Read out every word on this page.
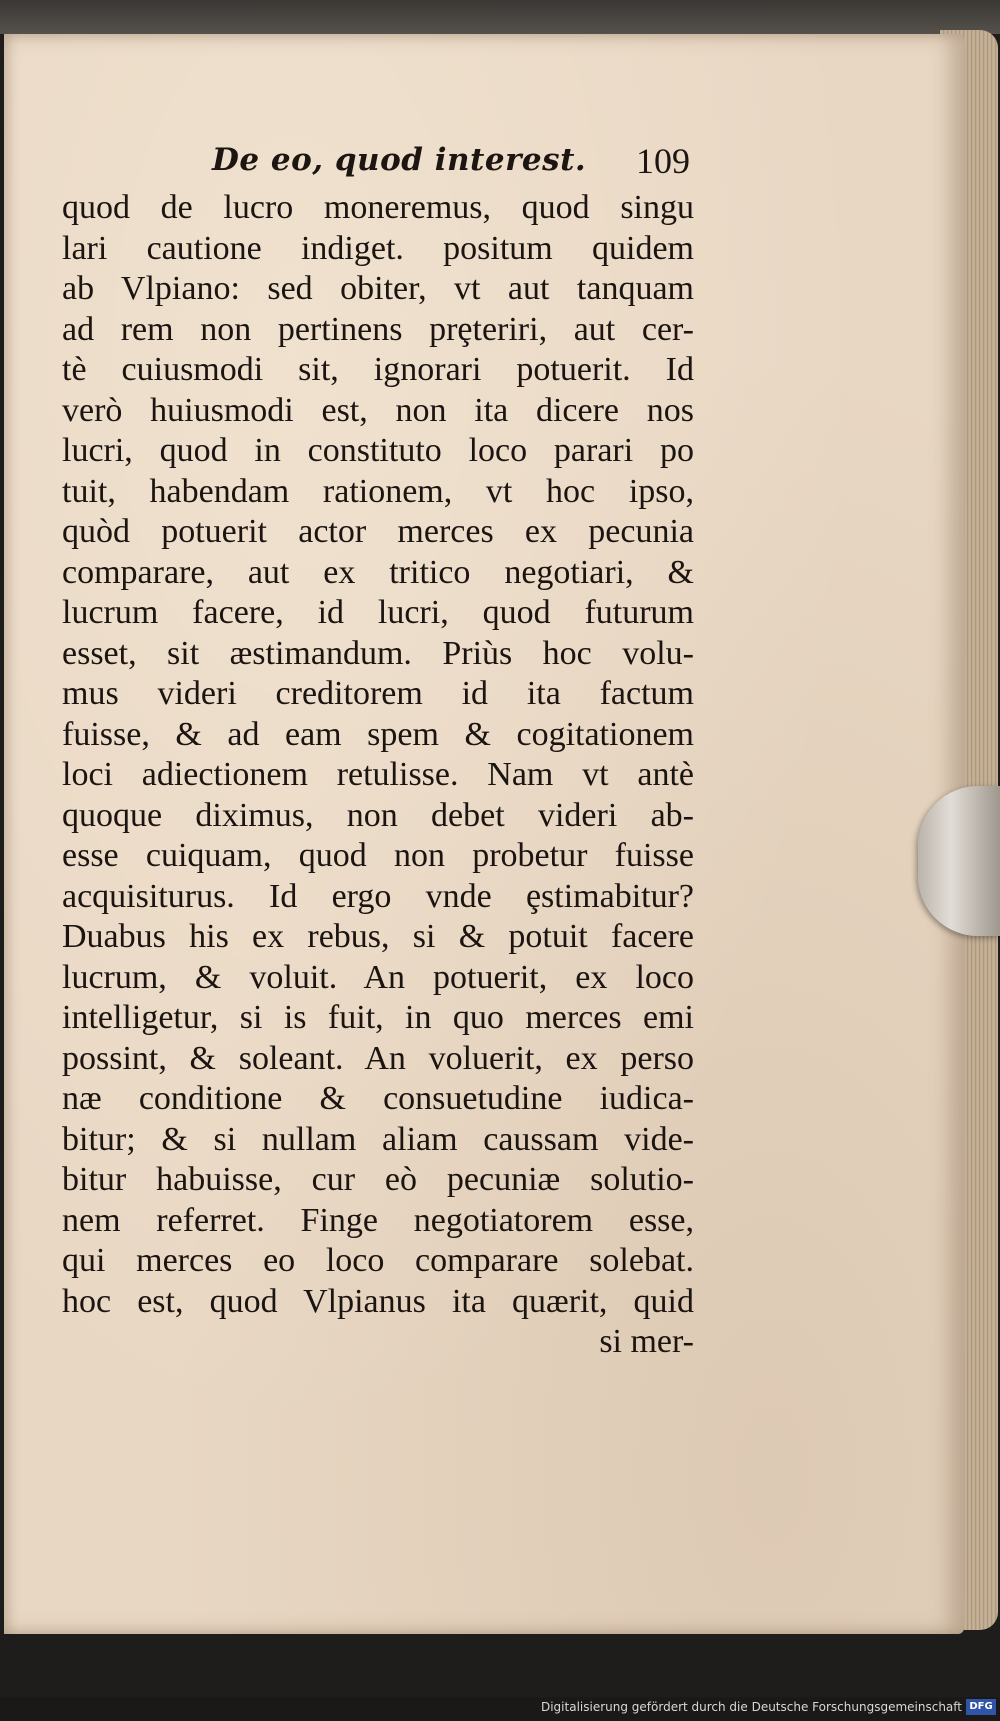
De eo, quod interest. 109
quod de lucro moneremus, quod singu
lari cautione indiget. positum quidem
ab Vlpiano: sed obiter, vt aut tanquam
ad rem non pertinens prȩteriri, aut cer-
tè cuiusmodi sit, ignorari potuerit. Id
verò huiusmodi est, non ita dicere nos
lucri, quod in constituto loco parari po
tuit, habendam rationem, vt hoc ipso,
quòd potuerit actor merces ex pecunia
comparare, aut ex tritico negotiari, &
lucrum facere, id lucri, quod futurum
esset, sit æstimandum. Priùs hoc volu-
mus videri creditorem id ita factum
fuisse, & ad eam spem & cogitationem
loci adiectionem retulisse. Nam vt antè
quoque diximus, non debet videri ab-
esse cuiquam, quod non probetur fuisse
acquisiturus. Id ergo vnde ȩstimabitur?
Duabus his ex rebus, si & potuit facere
lucrum, & voluit. An potuerit, ex loco
intelligetur, si is fuit, in quo merces emi
possint, & soleant. An voluerit, ex perso
næ conditione & consuetudine iudica-
bitur; & si nullam aliam caussam vide-
bitur habuisse, cur eò pecuniæ solutio-
nem referret. Finge negotiatorem esse,
qui merces eo loco comparare solebat.
hoc est, quod Vlpianus ita quærit, quid
si mer-
Digitalisierung gefördert durch die Deutsche Forschungsgemeinschaft DFG
